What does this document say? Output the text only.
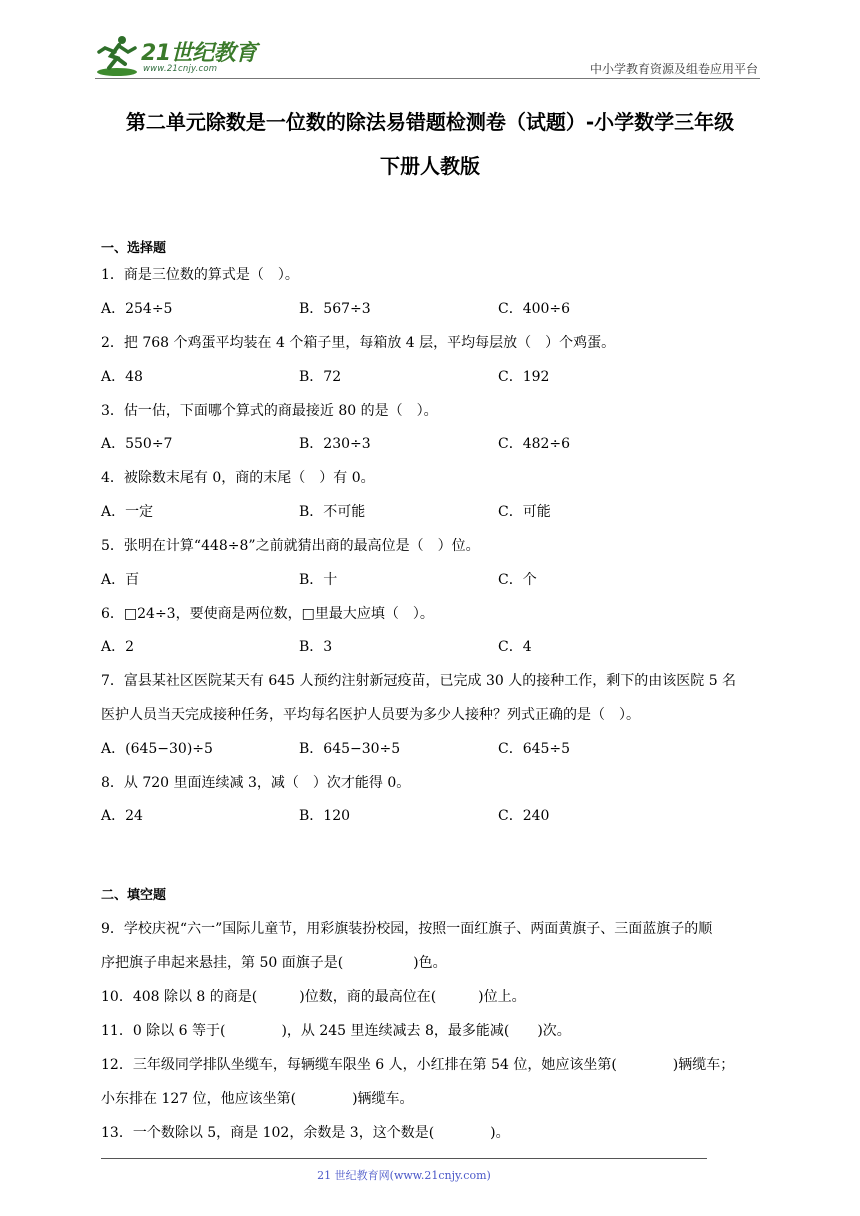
21世纪教育
www.21cnjy.com	中小学教育资源及组卷应用平台
第二单元除数是一位数的除法易错题检测卷（试题）-小学数学三年级
下册人教版
一、选择题
1．商是三位数的算式是（　）。
A．254÷5	B．567÷3	C．400÷6
2．把 768 个鸡蛋平均装在 4 个箱子里，每箱放 4 层，平均每层放（　）个鸡蛋。
A．48	B．72	C．192
3．估一估，下面哪个算式的商最接近 80 的是（　）。
A．550÷7	B．230÷3	C．482÷6
4．被除数末尾有 0，商的末尾（　）有 0。
A．一定	B．不可能	C．可能
5．张明在计算“448÷8”之前就猜出商的最高位是（　）位。
A．百	B．十	C．个
6．□24÷3，要使商是两位数，□里最大应填（　）。
A．2	B．3	C．4
7．富县某社区医院某天有 645 人预约注射新冠疫苗，已完成 30 人的接种工作，剩下的由该医院 5 名
医护人员当天完成接种任务，平均每名医护人员要为多少人接种？列式正确的是（　）。
A．(645−30)÷5	B．645−30÷5	C．645÷5
8．从 720 里面连续减 3，减（　）次才能得 0。
A．24	B．120	C．240
二、填空题
9．学校庆祝“六一”国际儿童节，用彩旗装扮校园，按照一面红旗子、两面黄旗子、三面蓝旗子的顺
序把旗子串起来悬挂，第 50 面旗子是(　　　　　)色。
10．408 除以 8 的商是(　　　)位数，商的最高位在(　　　)位上。
11．0 除以 6 等于(　　　　)，从 245 里连续减去 8，最多能减(　　)次。
12．三年级同学排队坐缆车，每辆缆车限坐 6 人，小红排在第 54 位，她应该坐第(　　　　)辆缆车；
小东排在 127 位，他应该坐第(　　　　)辆缆车。
13．一个数除以 5，商是 102，余数是 3，这个数是(　　　　)。
21 世纪教育网(www.21cnjy.com)
